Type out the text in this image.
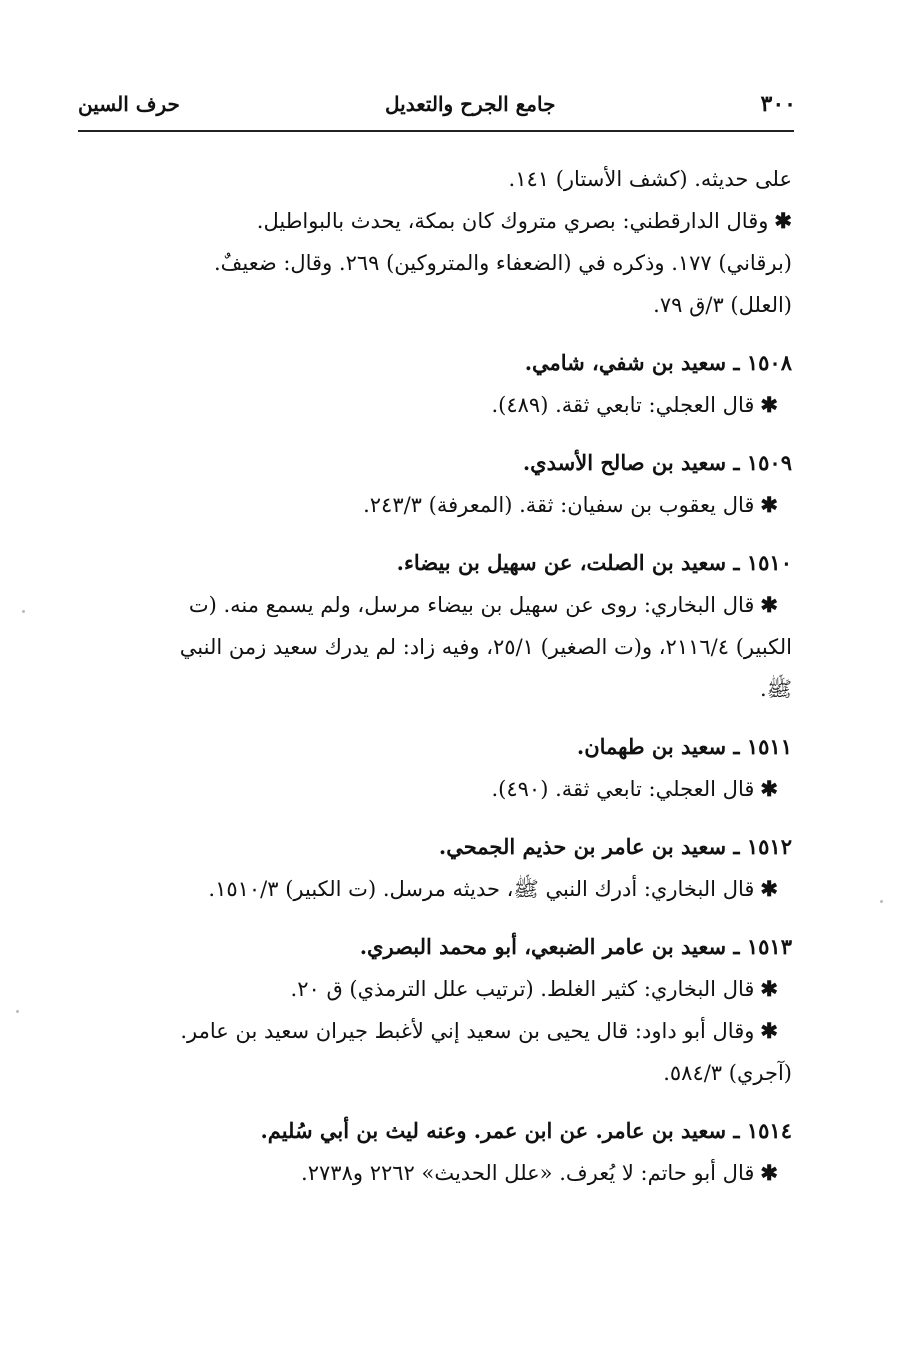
٣٠٠
جامع الجرح والتعديل
حرف السين
على حديثه. (كشف الأستار) ١٤١.
✱وقال الدارقطني: بصري متروك كان بمكة، يحدث بالبواطيل.
(برقاني) ١٧٧. وذكره في (الضعفاء والمتروكين) ٢٦٩. وقال: ضعيفٌ.
(العلل) ٣/ق ٧٩.
١٥٠٨ ـ سعيد بن شفي، شامي.
✱قال العجلي: تابعي ثقة. (٤٨٩).
١٥٠٩ ـ سعيد بن صالح الأسدي.
✱قال يعقوب بن سفيان: ثقة. (المعرفة) ٢٤٣/٣.
١٥١٠ ـ سعيد بن الصلت، عن سهيل بن بيضاء.
✱قال البخاري: روى عن سهيل بن بيضاء مرسل، ولم يسمع منه. (ت
الكبير) ٢١١٦/٤، و(ت الصغير) ٢٥/١، وفيه زاد: لم يدرك سعيد زمن النبي
ﷺ.
١٥١١ ـ سعيد بن طهمان.
✱قال العجلي: تابعي ثقة. (٤٩٠).
١٥١٢ ـ سعيد بن عامر بن حذيم الجمحي.
✱قال البخاري: أدرك النبي ﷺ، حديثه مرسل. (ت الكبير) ١٥١٠/٣.
١٥١٣ ـ سعيد بن عامر الضبعي، أبو محمد البصري.
✱قال البخاري: كثير الغلط. (ترتيب علل الترمذي) ق ٢٠.
✱وقال أبو داود: قال يحيى بن سعيد إني لأغبط جيران سعيد بن عامر.
(آجري) ٥٨٤/٣.
١٥١٤ ـ سعيد بن عامر. عن ابن عمر. وعنه ليث بن أبي سُليم.
✱قال أبو حاتم: لا يُعرف. «علل الحديث» ٢٢٦٢ و٢٧٣٨.
